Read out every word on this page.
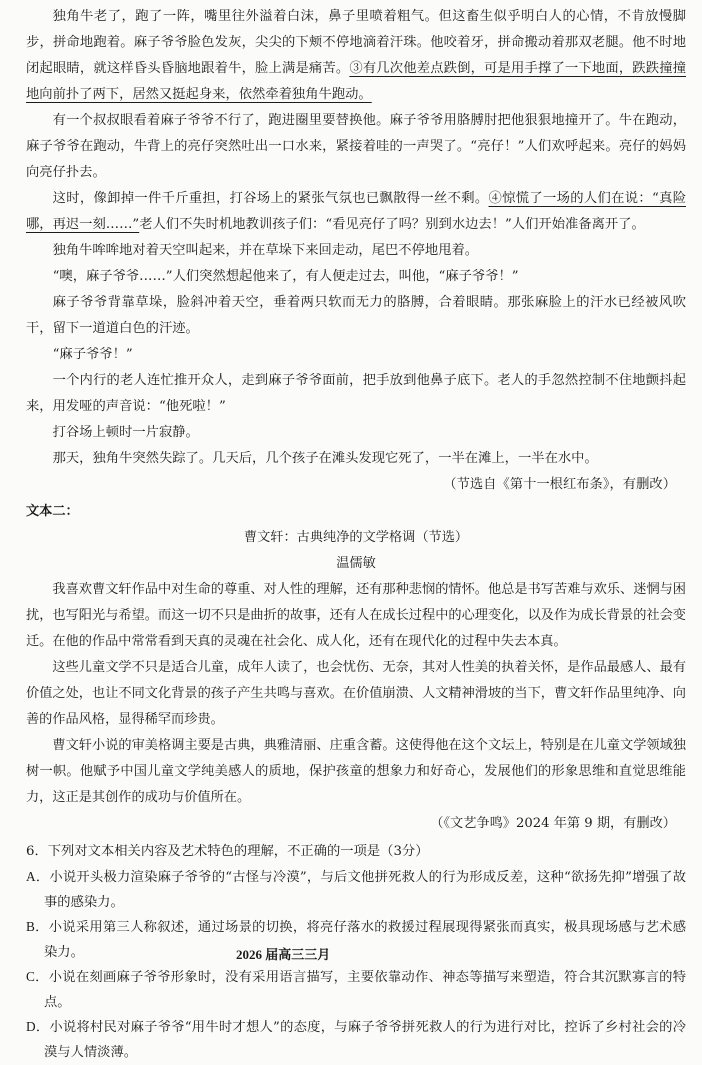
独角牛老了，跑了一阵，嘴里往外溢着白沫，鼻子里喷着粗气。但这畜生似乎明白人的心情，不肯放慢脚步，拼命地跑着。麻子爷爷脸色发灰，尖尖的下颊不停地滴着汗珠。他咬着牙，拼命搬动着那双老腿。他不时地闭起眼睛，就这样昏头昏脑地跟着牛，脸上满是痛苦。③有几次他差点跌倒，可是用手撑了一下地面，跌跌撞撞地向前扑了两下，居然又挺起身来，依然牵着独角牛跑动。

有一个叔叔眼看着麻子爷爷不行了，跑进圈里要替换他。麻子爷爷用胳膊肘把他狠狠地撞开了。牛在跑动，麻子爷爷在跑动，牛背上的亮仔突然吐出一口水来，紧接着哇的一声哭了。“亮仔！”人们欢呼起来。亮仔的妈妈向亮仔扑去。

这时，像卸掉一件千斤重担，打谷场上的紧张气氛也已飘散得一丝不剩。④惊慌了一场的人们在说：“真险哪，再迟一刻……”老人们不失时机地教训孩子们：“看见亮仔了吗？别到水边去！”人们开始准备离开了。

独角牛哞哞地对着天空叫起来，并在草垛下来回走动，尾巴不停地甩着。

“噢，麻子爷爷……”人们突然想起他来了，有人便走过去，叫他，“麻子爷爷！”

麻子爷爷背靠草垛，脸斜冲着天空，垂着两只软而无力的胳膊，合着眼睛。那张麻脸上的汗水已经被风吹干，留下一道道白色的汗迹。

“麻子爷爷！”

一个内行的老人连忙推开众人，走到麻子爷爷面前，把手放到他鼻子底下。老人的手忽然控制不住地颤抖起来，用发哑的声音说：“他死啦！”

打谷场上顿时一片寂静。

那天，独角牛突然失踪了。几天后，几个孩子在滩头发现它死了，一半在滩上，一半在水中。

（节选自《第十一根红布条》，有删改）

文本二：

曹文轩：古典纯净的文学格调（节选）

温儒敏

我喜欢曹文轩作品中对生命的尊重、对人性的理解，还有那种悲悯的情怀。他总是书写苦难与欢乐、迷惘与困扰，也写阳光与希望。而这一切不只是曲折的故事，还有人在成长过程中的心理变化，以及作为成长背景的社会变迁。在他的作品中常常看到天真的灵魂在社会化、成人化，还有在现代化的过程中失去本真。

这些儿童文学不只是适合儿童，成年人读了，也会忧伤、无奈，其对人性美的执着关怀，是作品最感人、最有价值之处，也让不同文化背景的孩子产生共鸣与喜欢。在价值崩溃、人文精神滑坡的当下，曹文轩作品里纯净、向善的作品风格，显得稀罕而珍贵。

曹文轩小说的审美格调主要是古典，典雅清丽、庄重含蓄。这使得他在这个文坛上，特别是在儿童文学领域独树一帜。他赋予中国儿童文学纯美感人的质地，保护孩童的想象力和好奇心，发展他们的形象思维和直觉思维能力，这正是其创作的成功与价值所在。

（《文艺争鸣》2024 年第 9 期，有删改）

6．下列对文本相关内容及艺术特色的理解，不正确的一项是（3分）

A．小说开头极力渲染麻子爷爷的“古怪与冷漠”，与后文他拼死救人的行为形成反差，这种“欲扬先抑”增强了故事的感染力。

B．小说采用第三人称叙述，通过场景的切换，将亮仔落水的救援过程展现得紧张而真实，极具现场感与艺术感染力。

C．小说在刻画麻子爷爷形象时，没有采用语言描写，主要依靠动作、神态等描写来塑造，符合其沉默寡言的特点。

D．小说将村民对麻子爷爷“用牛时才想人”的态度，与麻子爷爷拼死救人的行为进行对比，控诉了乡村社会的冷漠与人情淡薄。

2026 届高三三月
